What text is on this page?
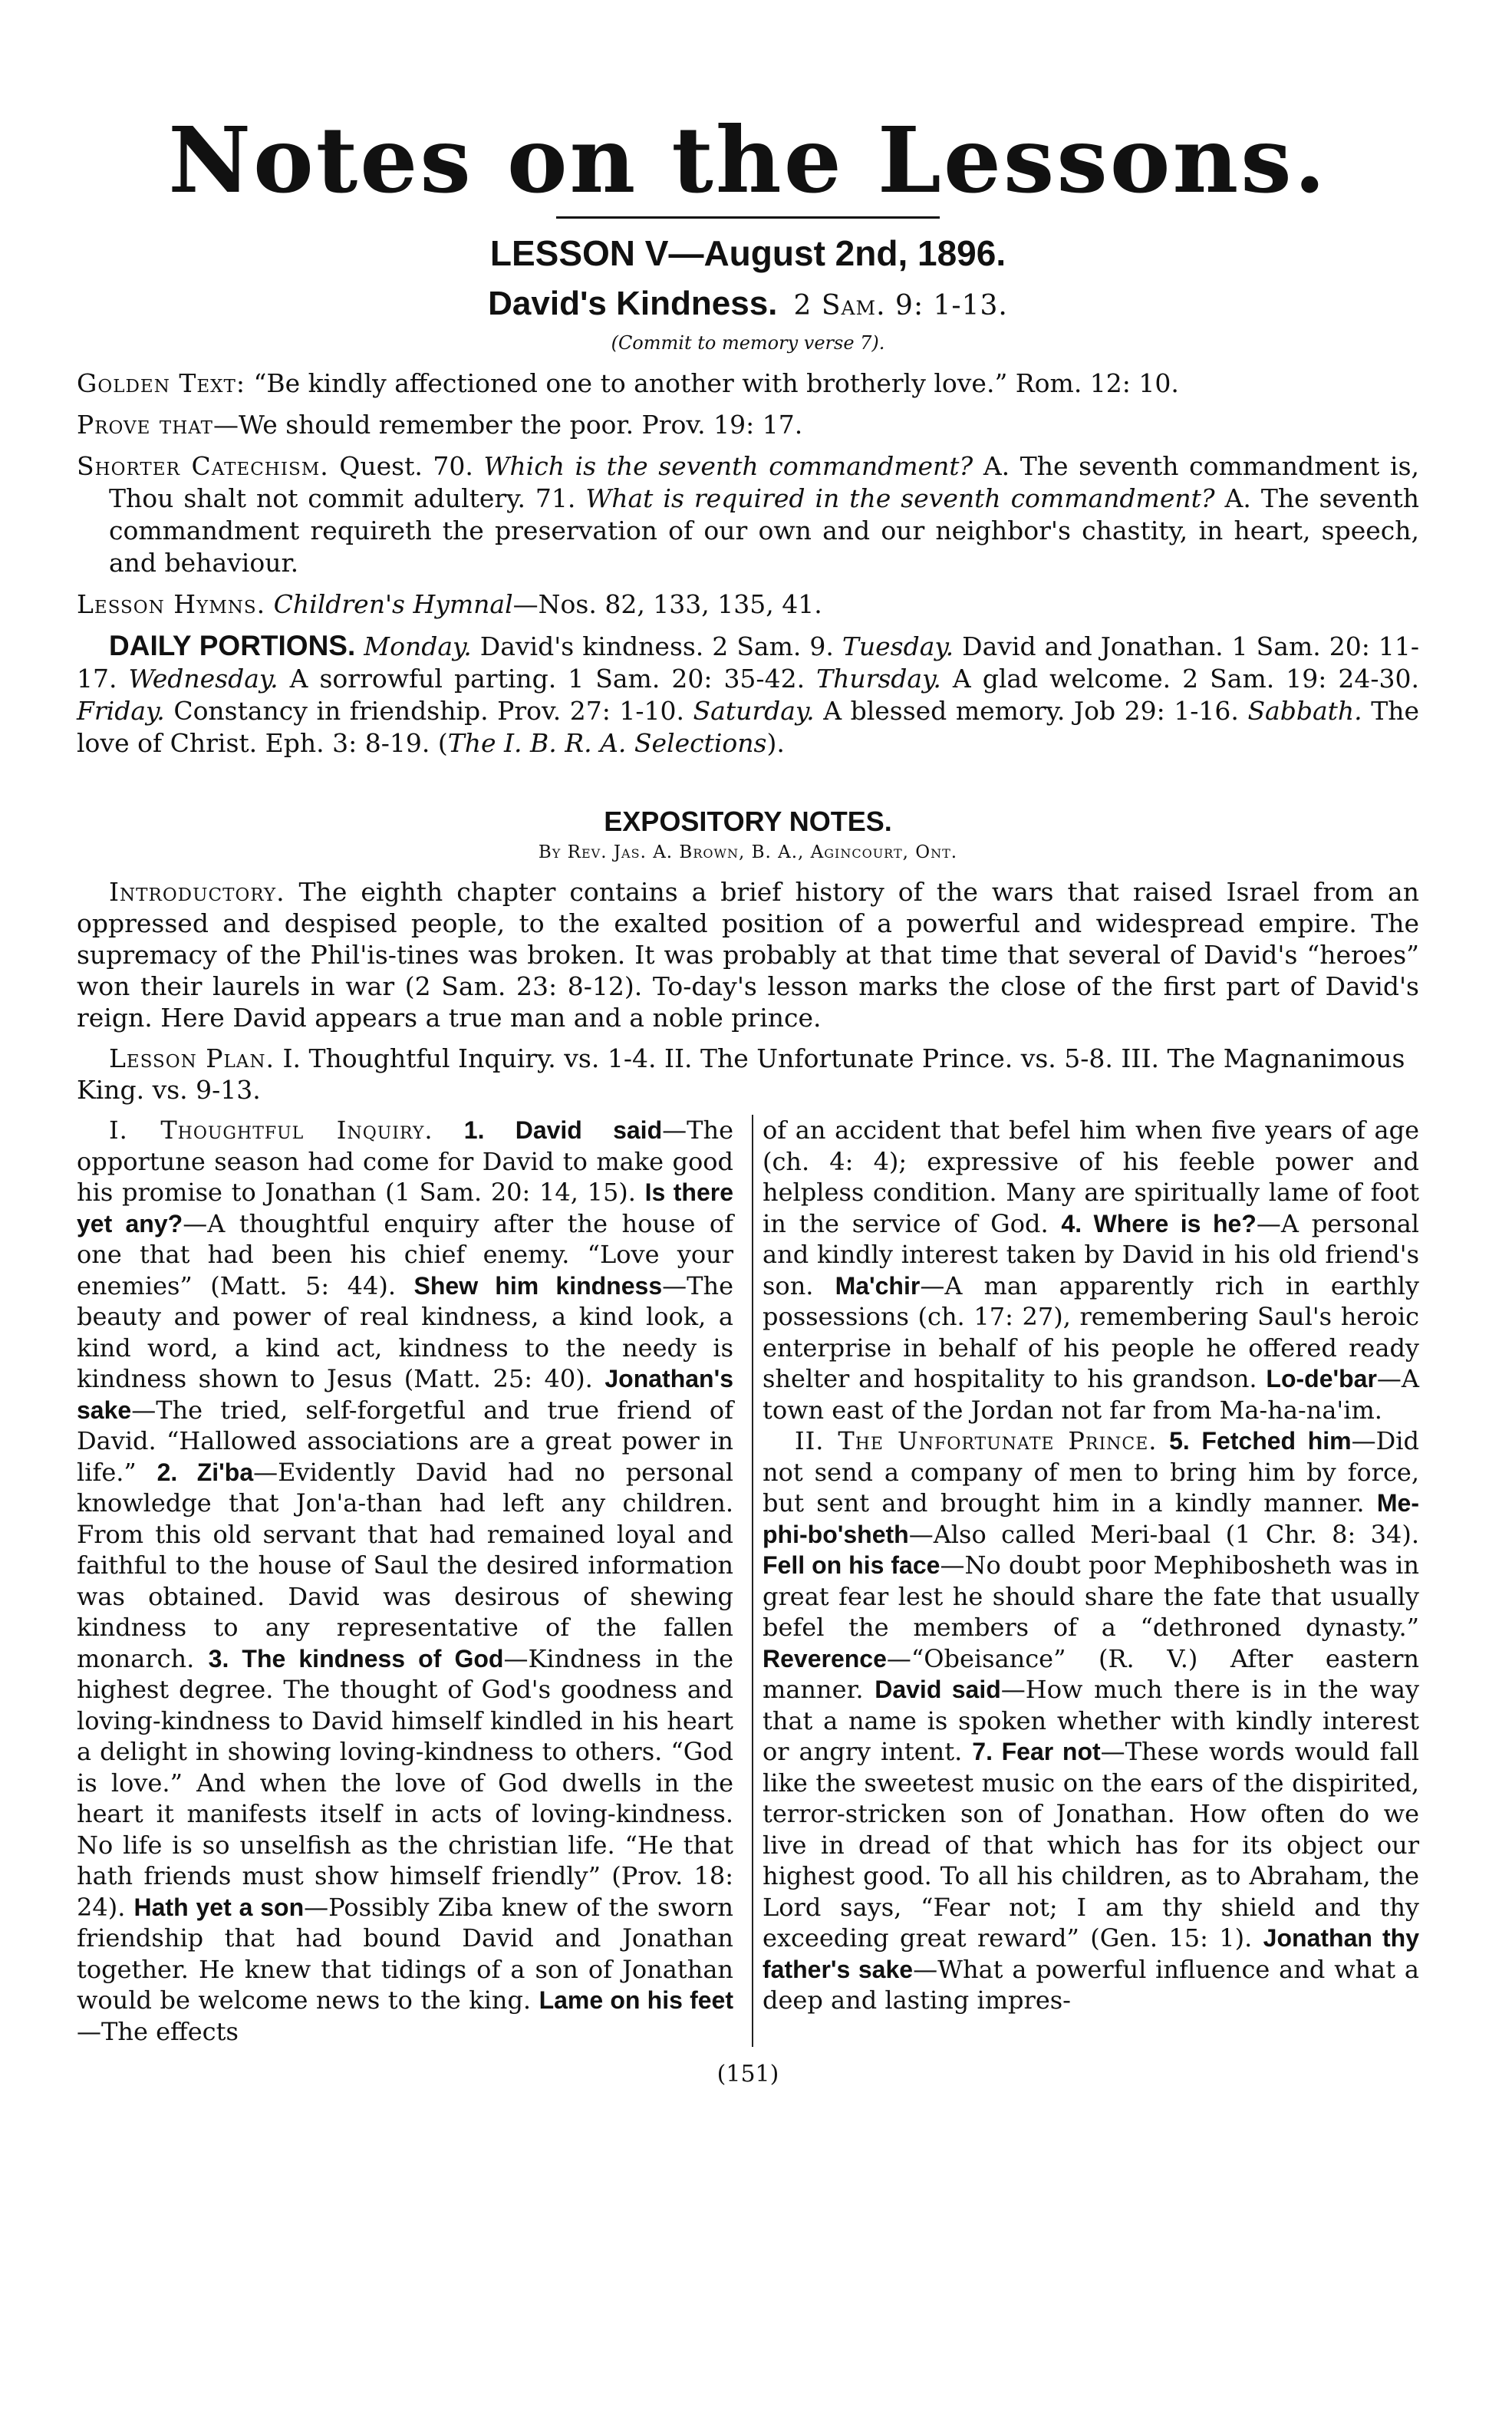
Notes on the Lessons.
LESSON V—August 2nd, 1896.
David's Kindness. 2 Sam. 9: 1-13.
(Commit to memory verse 7).

Golden Text: “Be kindly affectioned one to another with brotherly love.” Rom. 12: 10.

Prove that—We should remember the poor. Prov. 19: 17.

Shorter Catechism. Quest. 70. Which is the seventh commandment? A. The seventh commandment is, Thou shalt not commit adultery. 71. What is required in the seventh commandment? A. The seventh commandment requireth the preservation of our own and our neighbor's chastity, in heart, speech, and behaviour.

Lesson Hymns. Children's Hymnal—Nos. 82, 133, 135, 41.

DAILY PORTIONS. Monday. David's kindness. 2 Sam. 9. Tuesday. David and Jonathan. 1 Sam. 20: 11-17. Wednesday. A sorrowful parting. 1 Sam. 20: 35-42. Thursday. A glad welcome. 2 Sam. 19: 24-30. Friday. Constancy in friendship. Prov. 27: 1-10. Saturday. A blessed memory. Job 29: 1-16. Sabbath. The love of Christ. Eph. 3: 8-19. (The I. B. R. A. Selections).

EXPOSITORY NOTES.
By Rev. Jas. A. Brown, B. A., Agincourt, Ont.

Introductory. The eighth chapter contains a brief history of the wars that raised Israel from an oppressed and despised people, to the exalted position of a powerful and widespread empire. The supremacy of the Phil'is-tines was broken. It was probably at that time that several of David's “heroes” won their laurels in war (2 Sam. 23: 8-12). To-day's lesson marks the close of the first part of David's reign. Here David appears a true man and a noble prince.

Lesson Plan. I. Thoughtful Inquiry. vs. 1-4. II. The Unfortunate Prince. vs. 5-8. III. The Magnanimous King. vs. 9-13.

I. Thoughtful Inquiry. 1. David said—The opportune season had come for David to make good his promise to Jonathan (1 Sam. 20: 14, 15). Is there yet any?—A thoughtful enquiry after the house of one that had been his chief enemy. “Love your enemies” (Matt. 5: 44). Shew him kindness—The beauty and power of real kindness, a kind look, a kind word, a kind act, kindness to the needy is kindness shown to Jesus (Matt. 25: 40). Jonathan's sake—The tried, self-forgetful and true friend of David. “Hallowed associations are a great power in life.” 2. Zi'ba—Evidently David had no personal knowledge that Jon'a-than had left any children. From this old servant that had remained loyal and faithful to the house of Saul the desired information was obtained. David was desirous of shewing kindness to any representative of the fallen monarch. 3. The kindness of God—Kindness in the highest degree. The thought of God's goodness and loving-kindness to David himself kindled in his heart a delight in showing loving-kindness to others. “God is love.” And when the love of God dwells in the heart it manifests itself in acts of loving-kindness. No life is so unselfish as the christian life. “He that hath friends must show himself friendly” (Prov. 18: 24). Hath yet a son—Possibly Ziba knew of the sworn friendship that had bound David and Jonathan together. He knew that tidings of a son of Jonathan would be welcome news to the king. Lame on his feet—The effects
of an accident that befel him when five years of age (ch. 4: 4); expressive of his feeble power and helpless condition. Many are spiritually lame of foot in the service of God. 4. Where is he?—A personal and kindly interest taken by David in his old friend's son. Ma'chir—A man apparently rich in earthly possessions (ch. 17: 27), remembering Saul's heroic enterprise in behalf of his people he offered ready shelter and hospitality to his grandson. Lo-de'bar—A town east of the Jordan not far from Ma-ha-na'im.
II. The Unfortunate Prince. 5. Fetched him—Did not send a company of men to bring him by force, but sent and brought him in a kindly manner. Me-phi-bo'sheth—Also called Meri-baal (1 Chr. 8: 34). Fell on his face—No doubt poor Mephibosheth was in great fear lest he should share the fate that usually befel the members of a “dethroned dynasty.” Reverence—“Obeisance” (R. V.) After eastern manner. David said—How much there is in the way that a name is spoken whether with kindly interest or angry intent. 7. Fear not—These words would fall like the sweetest music on the ears of the dispirited, terror-stricken son of Jonathan. How often do we live in dread of that which has for its object our highest good. To all his children, as to Abraham, the Lord says, “Fear not; I am thy shield and thy exceeding great reward” (Gen. 15: 1). Jonathan thy father's sake—What a powerful influence and what a deep and lasting impres-
(151)
